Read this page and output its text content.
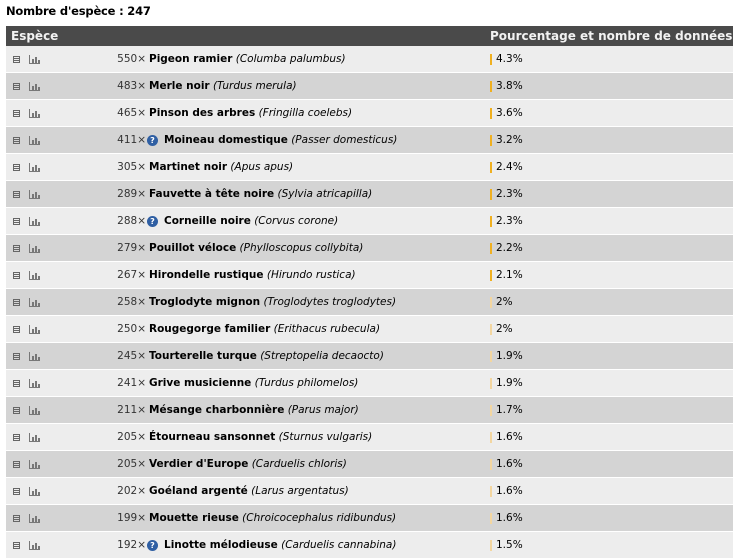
Nombre d'espèce : 247
Espèce	Pourcentage et nombre de données
550× Pigeon ramier (Columba palumbus)	4.3%
483× Merle noir (Turdus merula)	3.8%
465× Pinson des arbres (Fringilla coelebs)	3.6%
411× ? Moineau domestique (Passer domesticus)	3.2%
305× Martinet noir (Apus apus)	2.4%
289× Fauvette à tête noire (Sylvia atricapilla)	2.3%
288× ? Corneille noire (Corvus corone)	2.3%
279× Pouillot véloce (Phylloscopus collybita)	2.2%
267× Hirondelle rustique (Hirundo rustica)	2.1%
258× Troglodyte mignon (Troglodytes troglodytes)	2%
250× Rougegorge familier (Erithacus rubecula)	2%
245× Tourterelle turque (Streptopelia decaocto)	1.9%
241× Grive musicienne (Turdus philomelos)	1.9%
211× Mésange charbonnière (Parus major)	1.7%
205× Étourneau sansonnet (Sturnus vulgaris)	1.6%
205× Verdier d'Europe (Carduelis chloris)	1.6%
202× Goéland argenté (Larus argentatus)	1.6%
199× Mouette rieuse (Chroicocephalus ridibundus)	1.6%
192× ? Linotte mélodieuse (Carduelis cannabina)	1.5%
